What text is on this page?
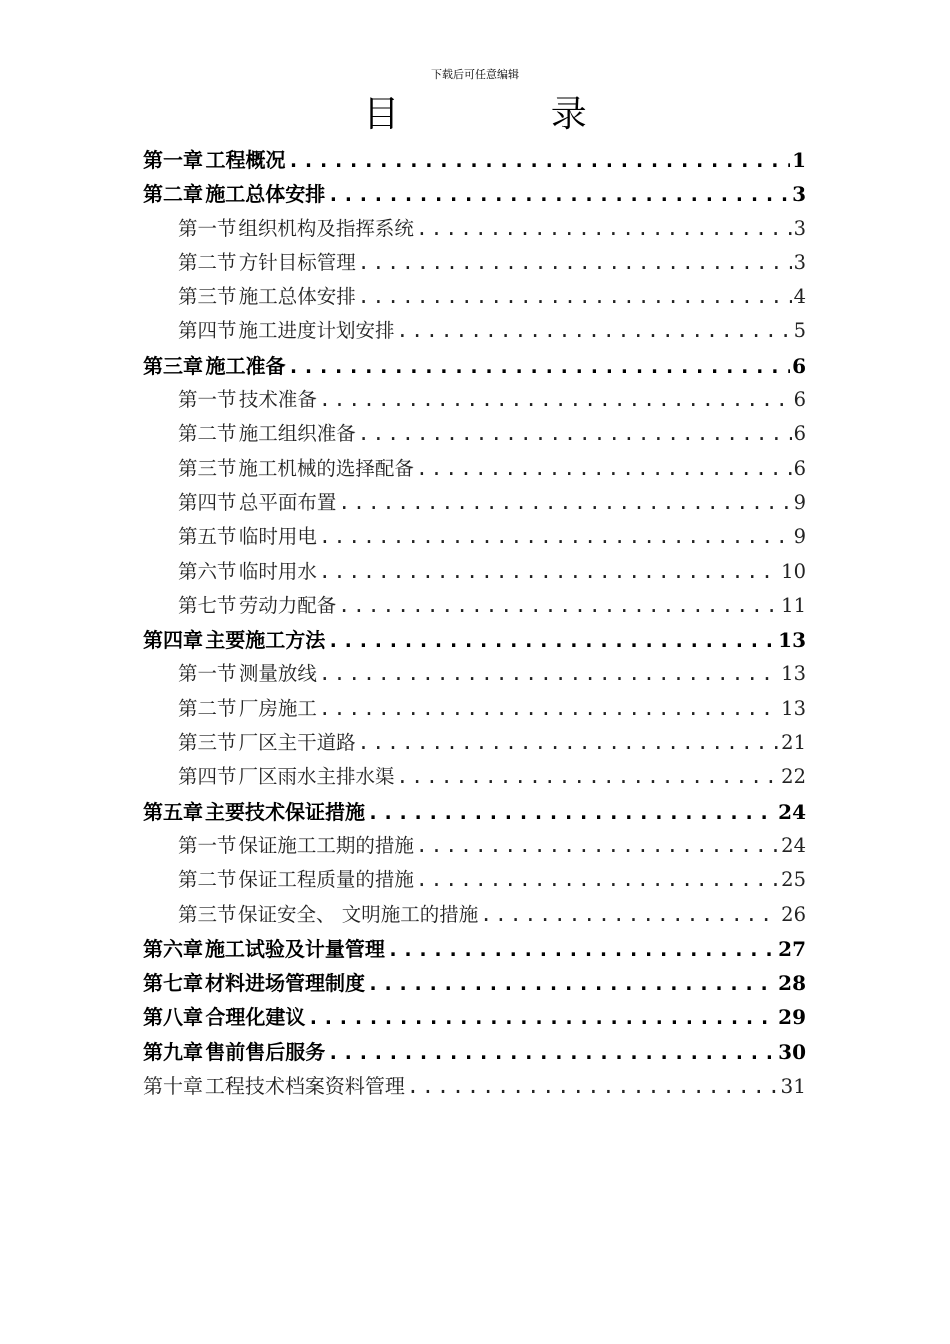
下载后可任意编辑
目 录
第一章 工程概况 .....	1
第二章 施工总体安排 .....	3
第一节 组织机构及指挥系统 .....	3
第二节 方针目标管理 .....	3
第三节 施工总体安排 .....	4
第四节 施工进度计划安排 .....	5
第三章 施工准备 .....	6
第一节 技术准备 .....	6
第二节 施工组织准备 .....	6
第三节 施工机械的选择配备 .....	6
第四节 总平面布置 .....	9
第五节 临时用电 .....	9
第六节 临时用水 .....	10
第七节 劳动力配备 .....	11
第四章 主要施工方法 .....	13
第一节 测量放线 .....	13
第二节 厂房施工 .....	13
第三节 厂区主干道路 .....	21
第四节 厂区雨水主排水渠 .....	22
第五章 主要技术保证措施 .....	24
第一节 保证施工工期的措施 .....	24
第二节 保证工程质量的措施 .....	25
第三节 保证安全、 文明施工的措施 .....	26
第六章 施工试验及计量管理 .....	27
第七章 材料进场管理制度 .....	28
第八章 合理化建议 .....	29
第九章 售前售后服务 .....	30
第十章 工程技术档案资料管理 .....	31
